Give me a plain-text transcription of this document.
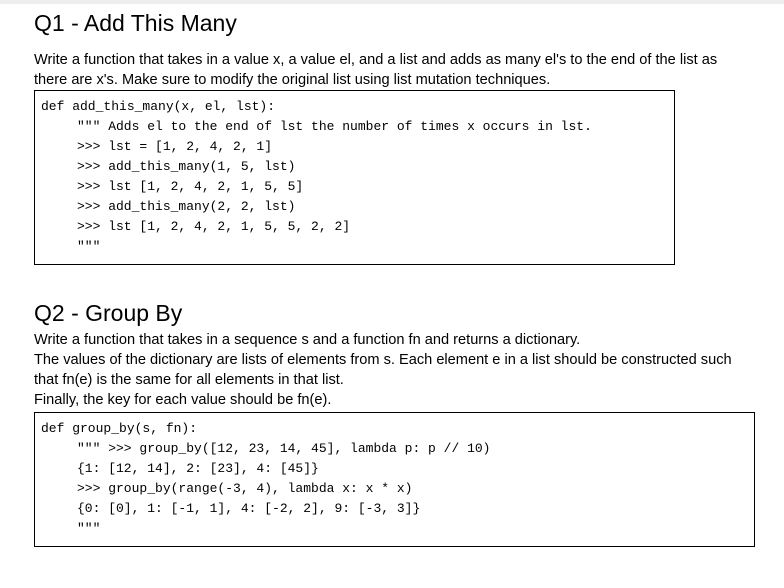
Q1 - Add This Many
Write a function that takes in a value x, a value el, and a list and adds as many el's to the end of the list as
there are x's. Make sure to modify the original list using list mutation techniques.
def add_this_many(x, el, lst):
""" Adds el to the end of lst the number of times x occurs in lst.
>>> lst = [1, 2, 4, 2, 1]
>>> add_this_many(1, 5, lst)
>>> lst [1, 2, 4, 2, 1, 5, 5]
>>> add_this_many(2, 2, lst)
>>> lst [1, 2, 4, 2, 1, 5, 5, 2, 2]
"""
Q2 - Group By
Write a function that takes in a sequence s and a function fn and returns a dictionary.
The values of the dictionary are lists of elements from s. Each element e in a list should be constructed such
that fn(e) is the same for all elements in that list.
Finally, the key for each value should be fn(e).
def group_by(s, fn):
""" >>> group_by([12, 23, 14, 45], lambda p: p // 10)
{1: [12, 14], 2: [23], 4: [45]}
>>> group_by(range(-3, 4), lambda x: x * x)
{0: [0], 1: [-1, 1], 4: [-2, 2], 9: [-3, 3]}
"""
